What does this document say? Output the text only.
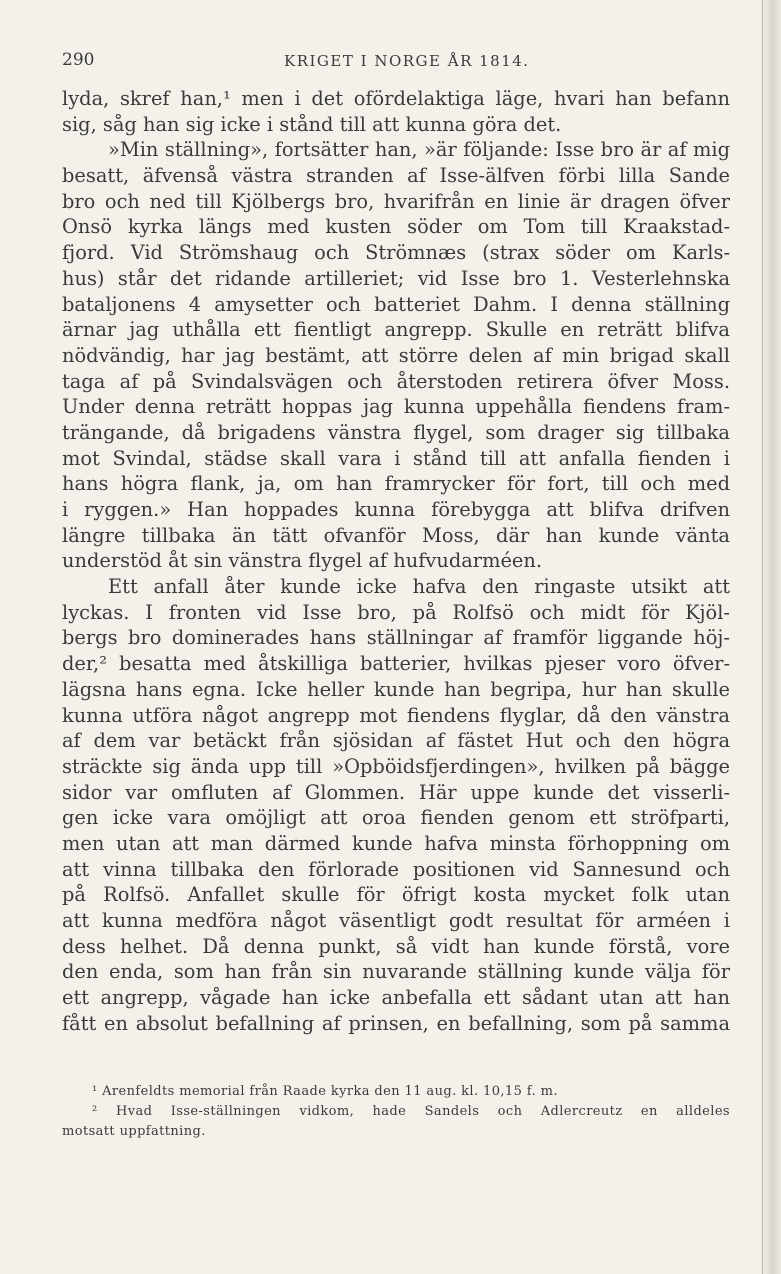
290	KRIGET I NORGE ÅR 1814.
lyda, skref han,¹ men i det ofördelaktiga läge, hvari han befann
sig, såg han sig icke i stånd till att kunna göra det.
»Min ställning», fortsätter han, »är följande: Isse bro är af mig
besatt, äfvenså västra stranden af Isse-älfven förbi lilla Sande
bro och ned till Kjölbergs bro, hvarifrån en linie är dragen öfver
Onsö kyrka längs med kusten söder om Tom till Kraakstad-
fjord. Vid Strömshaug och Strömnæs (strax söder om Karls-
hus) står det ridande artilleriet; vid Isse bro 1. Vesterlehnska
bataljonens 4 amysetter och batteriet Dahm. I denna ställning
ärnar jag uthålla ett fientligt angrepp. Skulle en reträtt blifva
nödvändig, har jag bestämt, att större delen af min brigad skall
taga af på Svindalsvägen och återstoden retirera öfver Moss.
Under denna reträtt hoppas jag kunna uppehålla fiendens fram-
trängande, då brigadens vänstra flygel, som drager sig tillbaka
mot Svindal, städse skall vara i stånd till att anfalla fienden i
hans högra flank, ja, om han framrycker för fort, till och med
i ryggen.» Han hoppades kunna förebygga att blifva drifven
längre tillbaka än tätt ofvanför Moss, där han kunde vänta
understöd åt sin vänstra flygel af hufvudarméen.
Ett anfall åter kunde icke hafva den ringaste utsikt att
lyckas. I fronten vid Isse bro, på Rolfsö och midt för Kjöl-
bergs bro dominerades hans ställningar af framför liggande höj-
der,² besatta med åtskilliga batterier, hvilkas pjeser voro öfver-
lägsna hans egna. Icke heller kunde han begripa, hur han skulle
kunna utföra något angrepp mot fiendens flyglar, då den vänstra
af dem var betäckt från sjösidan af fästet Hut och den högra
sträckte sig ända upp till »Opböidsfjerdingen», hvilken på bägge
sidor var omfluten af Glommen. Här uppe kunde det visserli-
gen icke vara omöjligt att oroa fienden genom ett ströfparti,
men utan att man därmed kunde hafva minsta förhoppning om
att vinna tillbaka den förlorade positionen vid Sannesund och
på Rolfsö. Anfallet skulle för öfrigt kosta mycket folk utan
att kunna medföra något väsentligt godt resultat för arméen i
dess helhet. Då denna punkt, så vidt han kunde förstå, vore
den enda, som han från sin nuvarande ställning kunde välja för
ett angrepp, vågade han icke anbefalla ett sådant utan att han
fått en absolut befallning af prinsen, en befallning, som på samma
¹ Arenfeldts memorial från Raade kyrka den 11 aug. kl. 10,15 f. m.
² Hvad Isse-ställningen vidkom, hade Sandels och Adlercreutz en alldeles
motsatt uppfattning.
